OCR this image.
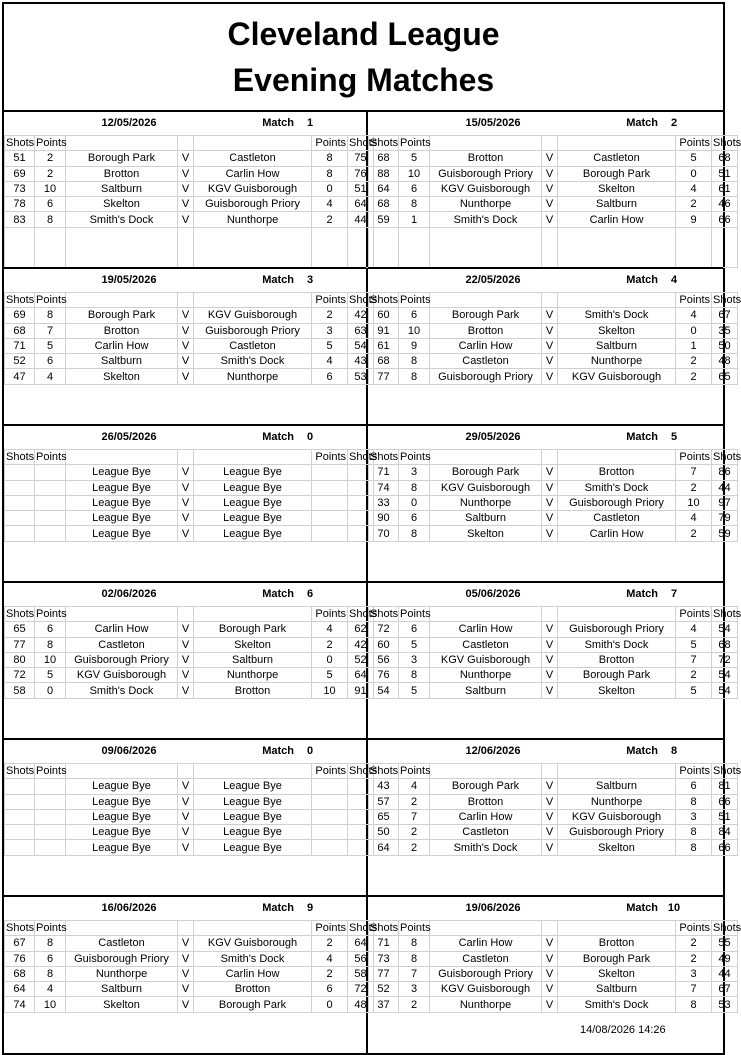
Cleveland League
Evening Matches
12/05/2026	Match	1
Shots	Points				Points	Shots
51	2	Borough Park	V	Castleton	8	75
69	2	Brotton	V	Carlin How	8	76
73	10	Saltburn	V	KGV Guisborough	0	51
78	6	Skelton	V	Guisborough Priory	4	64
83	8	Smith's Dock	V	Nunthorpe	2	44

15/05/2026	Match	2
Shots	Points				Points	Shots
68	5	Brotton	V	Castleton	5	68
88	10	Guisborough Priory	V	Borough Park	0	51
64	6	KGV Guisborough	V	Skelton	4	61
68	8	Nunthorpe	V	Saltburn	2	46
59	1	Smith's Dock	V	Carlin How	9	66

19/05/2026	Match	3
Shots	Points				Points	Shots
69	8	Borough Park	V	KGV Guisborough	2	42
68	7	Brotton	V	Guisborough Priory	3	63
71	5	Carlin How	V	Castleton	5	54
52	6	Saltburn	V	Smith's Dock	4	43
47	4	Skelton	V	Nunthorpe	6	53
22/05/2026	Match	4
Shots	Points				Points	Shots
60	6	Borough Park	V	Smith's Dock	4	67
91	10	Brotton	V	Skelton	0	35
61	9	Carlin How	V	Saltburn	1	50
68	8	Castleton	V	Nunthorpe	2	48
77	8	Guisborough Priory	V	KGV Guisborough	2	65
26/05/2026	Match	0
Shots	Points				Points	Shots
		League Bye	V	League Bye		
		League Bye	V	League Bye		
		League Bye	V	League Bye		
		League Bye	V	League Bye		
		League Bye	V	League Bye		
29/05/2026	Match	5
Shots	Points				Points	Shots
71	3	Borough Park	V	Brotton	7	86
74	8	KGV Guisborough	V	Smith's Dock	2	44
33	0	Nunthorpe	V	Guisborough Priory	10	97
90	6	Saltburn	V	Castleton	4	79
70	8	Skelton	V	Carlin How	2	59
02/06/2026	Match	6
Shots	Points				Points	Shots
65	6	Carlin How	V	Borough Park	4	62
77	8	Castleton	V	Skelton	2	42
80	10	Guisborough Priory	V	Saltburn	0	52
72	5	KGV Guisborough	V	Nunthorpe	5	64
58	0	Smith's Dock	V	Brotton	10	91
05/06/2026	Match	7
Shots	Points				Points	Shots
72	6	Carlin How	V	Guisborough Priory	4	54
60	5	Castleton	V	Smith's Dock	5	68
56	3	KGV Guisborough	V	Brotton	7	72
76	8	Nunthorpe	V	Borough Park	2	54
54	5	Saltburn	V	Skelton	5	54
09/06/2026	Match	0
Shots	Points				Points	Shots
		League Bye	V	League Bye		
		League Bye	V	League Bye		
		League Bye	V	League Bye		
		League Bye	V	League Bye		
		League Bye	V	League Bye		
12/06/2026	Match	8
Shots	Points				Points	Shots
43	4	Borough Park	V	Saltburn	6	81
57	2	Brotton	V	Nunthorpe	8	66
65	7	Carlin How	V	KGV Guisborough	3	51
50	2	Castleton	V	Guisborough Priory	8	84
64	2	Smith's Dock	V	Skelton	8	66
16/06/2026	Match	9
Shots	Points				Points	Shots
67	8	Castleton	V	KGV Guisborough	2	64
76	6	Guisborough Priory	V	Smith's Dock	4	56
68	8	Nunthorpe	V	Carlin How	2	58
64	4	Saltburn	V	Brotton	6	72
74	10	Skelton	V	Borough Park	0	48
19/06/2026	Match 10
Shots	Points				Points	Shots
71	8	Carlin How	V	Brotton	2	55
73	8	Castleton	V	Borough Park	2	49
77	7	Guisborough Priory	V	Skelton	3	44
52	3	KGV Guisborough	V	Saltburn	7	67
37	2	Nunthorpe	V	Smith's Dock	8	53
14/08/2026 14:26
